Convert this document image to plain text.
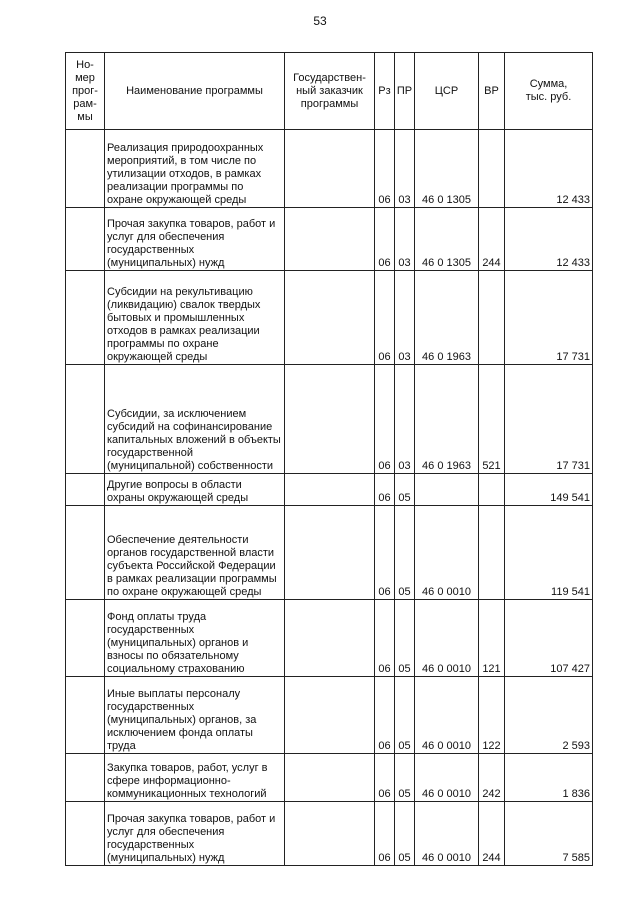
53
Но-
мер
прог-
рам-
мы	Наименование программы	Государствен-
ный заказчик
программы	Рз	ПР	ЦСР	ВР	Сумма,
тыс. руб.

	Реализация природоохранных мероприятий, в том числе по утилизации отходов, в рамках реализации программы по охране окружающей среды		06	03	46 0 1305		12 433

	Прочая закупка товаров, работ и услуг для обеспечения государственных (муниципальных) нужд		06	03	46 0 1305	244	12 433

	Субсидии на рекультивацию (ликвидацию) свалок твердых бытовых и промышленных отходов в рамках реализации программы по охране окружающей среды		06	03	46 0 1963		17 731

	Субсидии, за исключением субсидий на софинансирование капитальных вложений в объекты государственной (муниципальной) собственности		06	03	46 0 1963	521	17 731

	Другие вопросы в области охраны окружающей среды		06	05			149 541

	Обеспечение деятельности органов государственной власти субъекта Российской Федерации в рамках реализации программы по охране окружающей среды		06	05	46 0 0010		119 541

	Фонд оплаты труда государственных (муниципальных) органов и взносы по обязательному социальному страхованию		06	05	46 0 0010	121	107 427

	Иные выплаты персоналу государственных (муниципальных) органов, за исключением фонда оплаты труда		06	05	46 0 0010	122	2 593

	Закупка товаров, работ, услуг в сфере информационно-коммуникационных технологий		06	05	46 0 0010	242	1 836

	Прочая закупка товаров, работ и услуг для обеспечения государственных (муниципальных) нужд		06	05	46 0 0010	244	7 585
